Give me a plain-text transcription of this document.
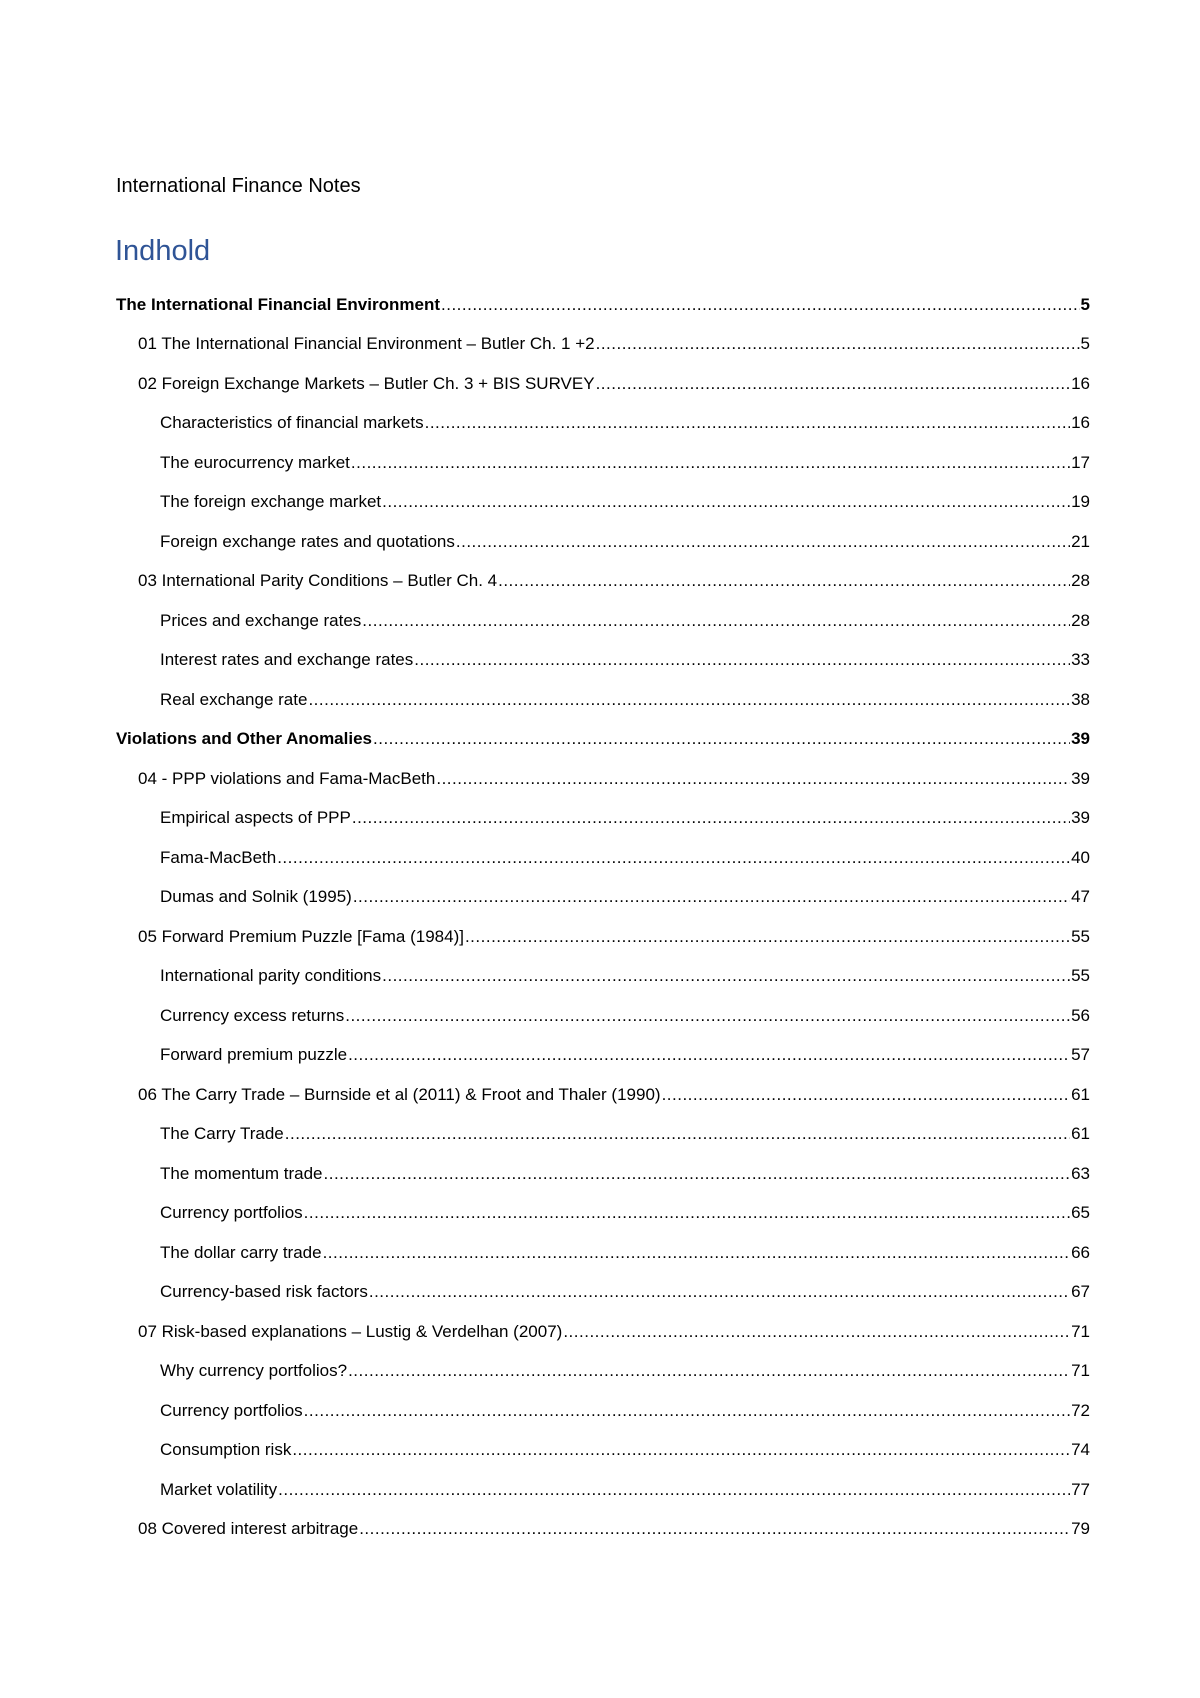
International Finance Notes
Indhold
The International Financial Environment .....	5
01 The International Financial Environment – Butler Ch. 1 +2 .....	5
02 Foreign Exchange Markets – Butler Ch. 3 + BIS SURVEY .....	16
Characteristics of financial markets .....	16
The eurocurrency market .....	17
The foreign exchange market .....	19
Foreign exchange rates and quotations .....	21
03 International Parity Conditions – Butler Ch. 4 .....	28
Prices and exchange rates .....	28
Interest rates and exchange rates .....	33
Real exchange rate .....	38
Violations and Other Anomalies .....	39
04 - PPP violations and Fama-MacBeth .....	39
Empirical aspects of PPP .....	39
Fama-MacBeth .....	40
Dumas and Solnik (1995) .....	47
05 Forward Premium Puzzle [Fama (1984)] .....	55
International parity conditions .....	55
Currency excess returns .....	56
Forward premium puzzle .....	57
06 The Carry Trade – Burnside et al (2011) & Froot and Thaler (1990) .....	61
The Carry Trade .....	61
The momentum trade .....	63
Currency portfolios .....	65
The dollar carry trade .....	66
Currency-based risk factors .....	67
07 Risk-based explanations – Lustig & Verdelhan (2007) .....	71
Why currency portfolios? .....	71
Currency portfolios .....	72
Consumption risk .....	74
Market volatility .....	77
08 Covered interest arbitrage .....	79
